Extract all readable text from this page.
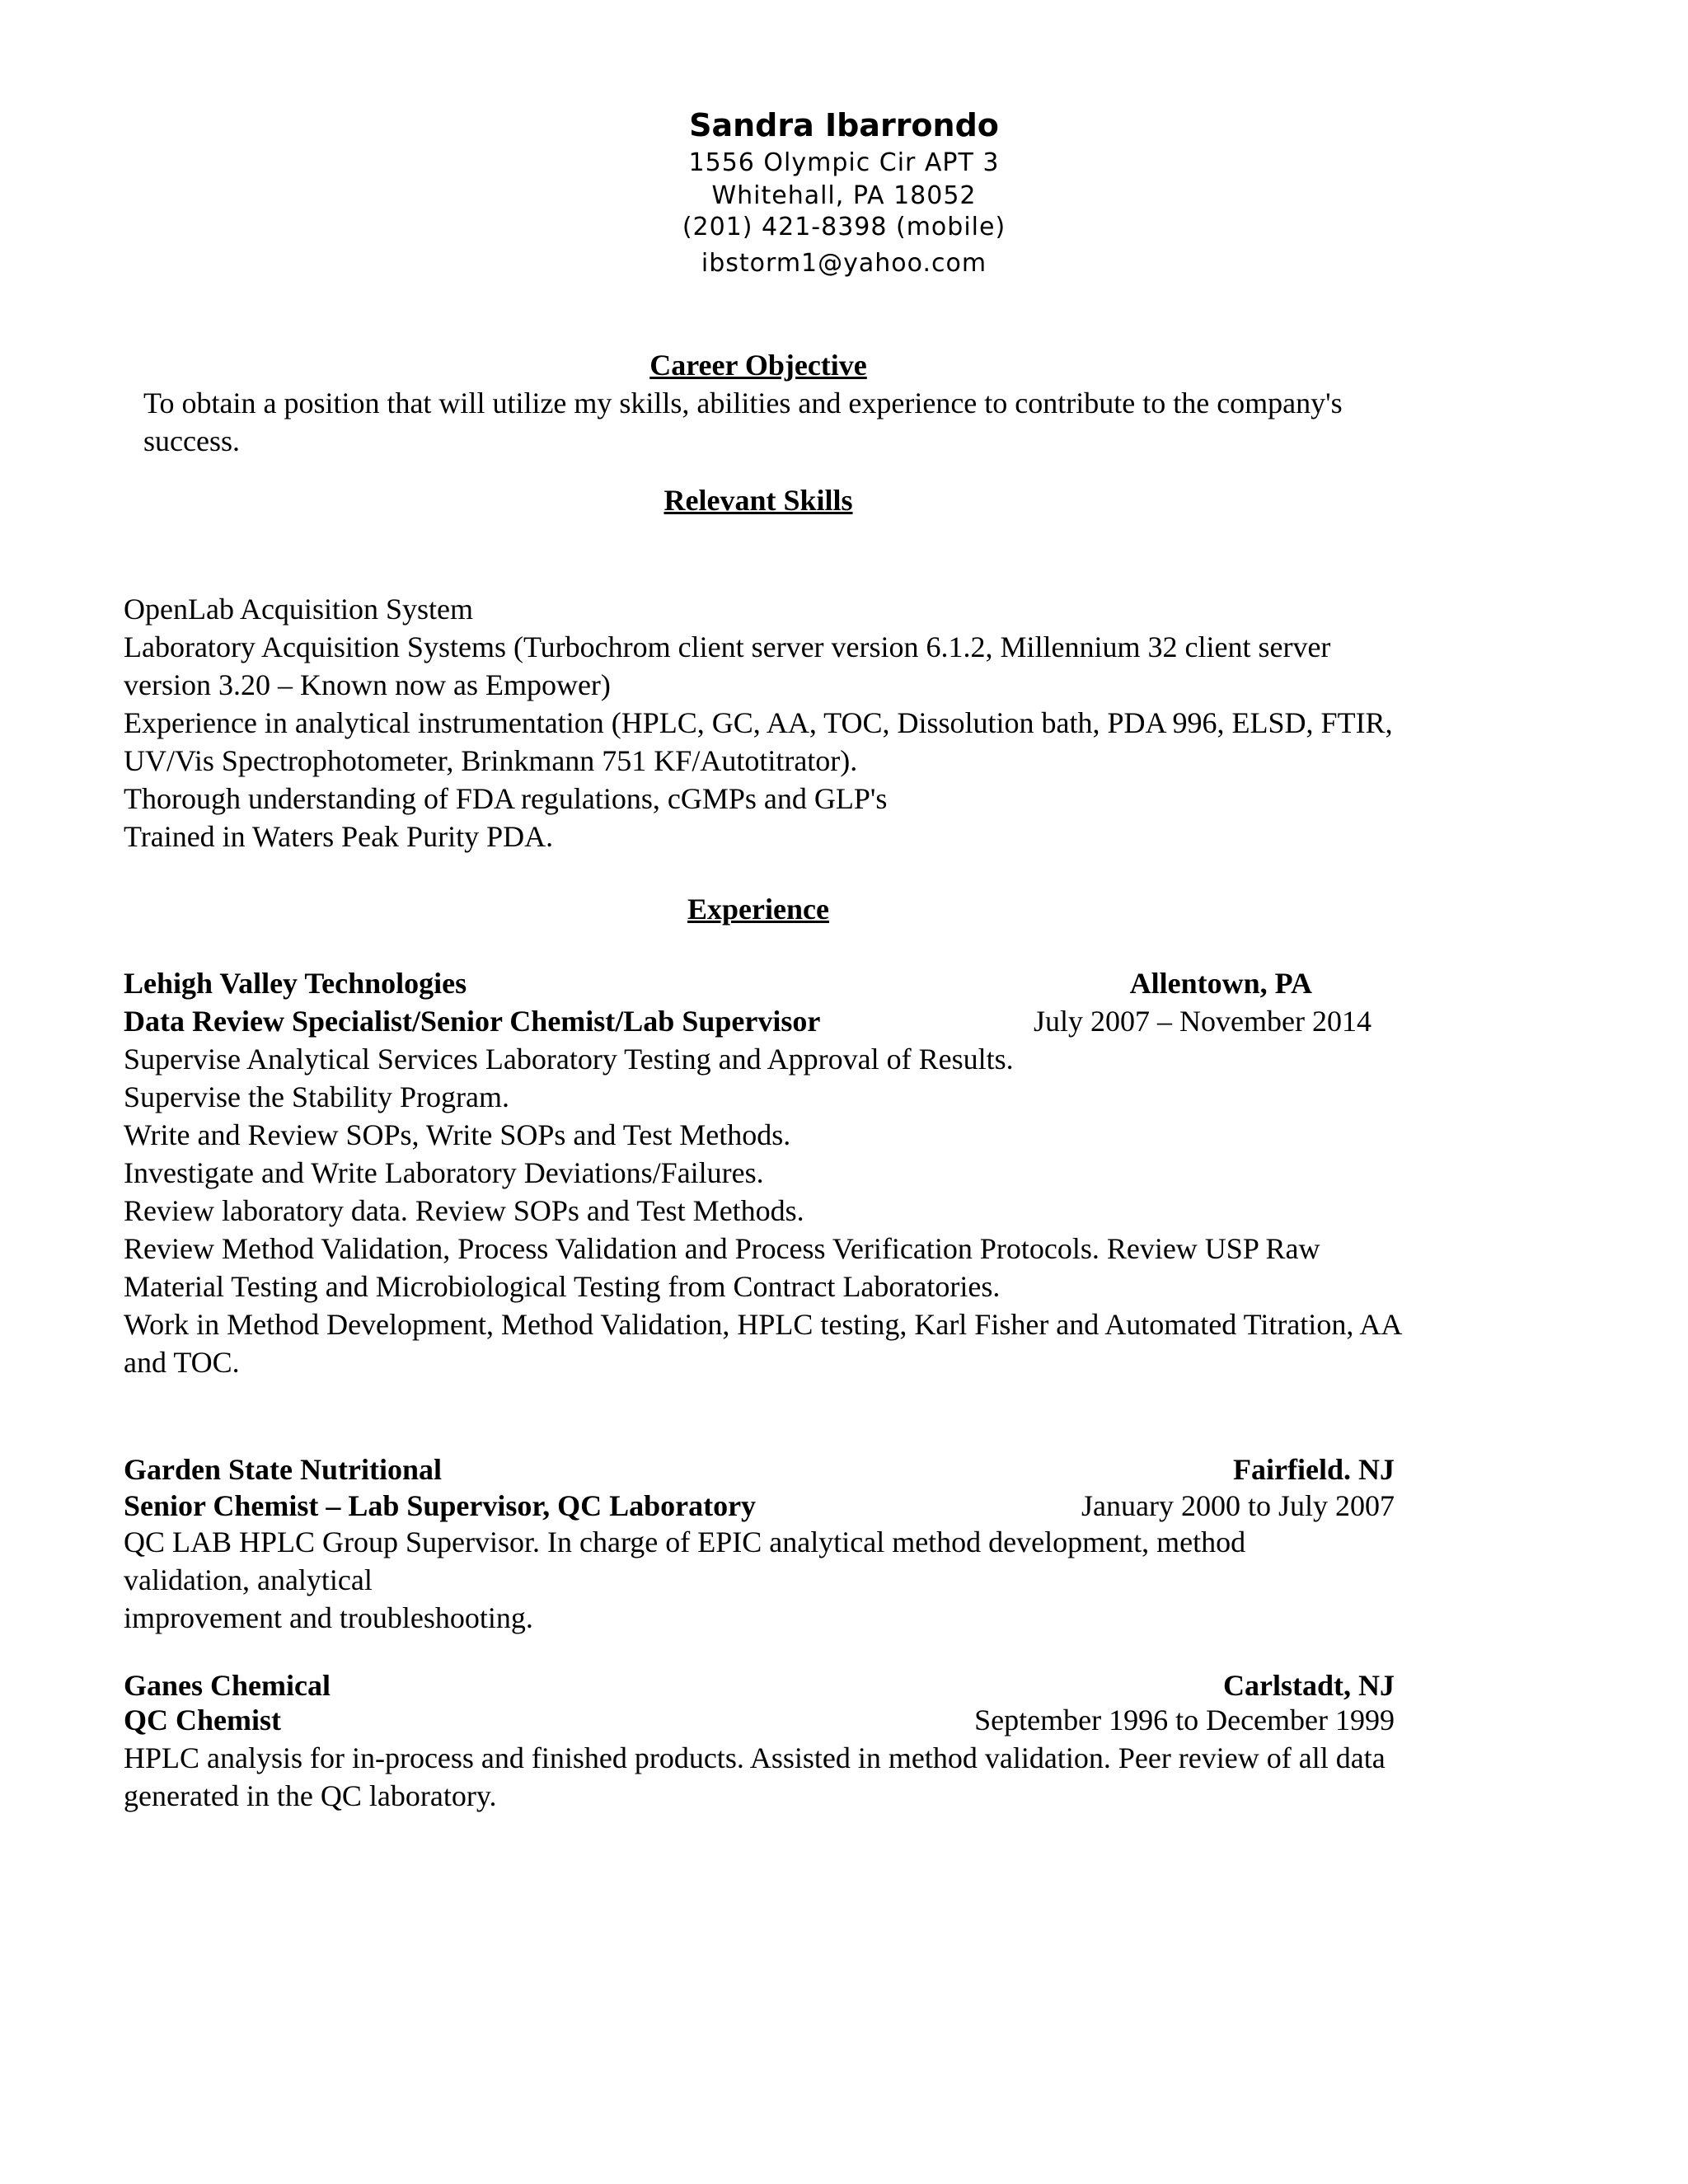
Sandra Ibarrondo
1556 Olympic Cir APT 3
Whitehall, PA 18052
(201) 421-8398 (mobile)
ibstorm1@yahoo.com
Career Objective

To obtain a position that will utilize my skills, abilities and experience to contribute to the company's success.

Relevant Skills

OpenLab Acquisition System

Laboratory Acquisition Systems (Turbochrom client server version 6.1.2, Millennium 32 client server version 3.20 – Known now as Empower)

Experience in analytical instrumentation (HPLC, GC, AA, TOC, Dissolution bath, PDA 996, ELSD, FTIR, UV/Vis Spectrophotometer, Brinkmann 751 KF/Autotitrator).

Thorough understanding of FDA regulations, cGMPs and GLP's

Trained in Waters Peak Purity PDA.

Experience
Lehigh Valley Technologies	Allentown, PA
Data Review Specialist/Senior Chemist/Lab Supervisor	July 2007 – November 2014

Supervise Analytical Services Laboratory Testing and Approval of Results.

Supervise the Stability Program.

Write and Review SOPs, Write SOPs and Test Methods.

Investigate and Write Laboratory Deviations/Failures.

Review laboratory data. Review SOPs and Test Methods.

Review Method Validation, Process Validation and Process Verification Protocols. Review USP Raw Material Testing and Microbiological Testing from Contract Laboratories.

Work in Method Development, Method Validation, HPLC testing, Karl Fisher and Automated Titration, AA and TOC.

Garden State Nutritional	Fairfield. NJ
Senior Chemist – Lab Supervisor, QC Laboratory	January 2000 to July 2007

QC LAB HPLC Group Supervisor. In charge of EPIC analytical method development, method validation, analytical

improvement and troubleshooting.

Ganes Chemical	Carlstadt, NJ
QC Chemist	September 1996 to December 1999

HPLC analysis for in-process and finished products. Assisted in method validation. Peer review of all data generated in the QC laboratory.
